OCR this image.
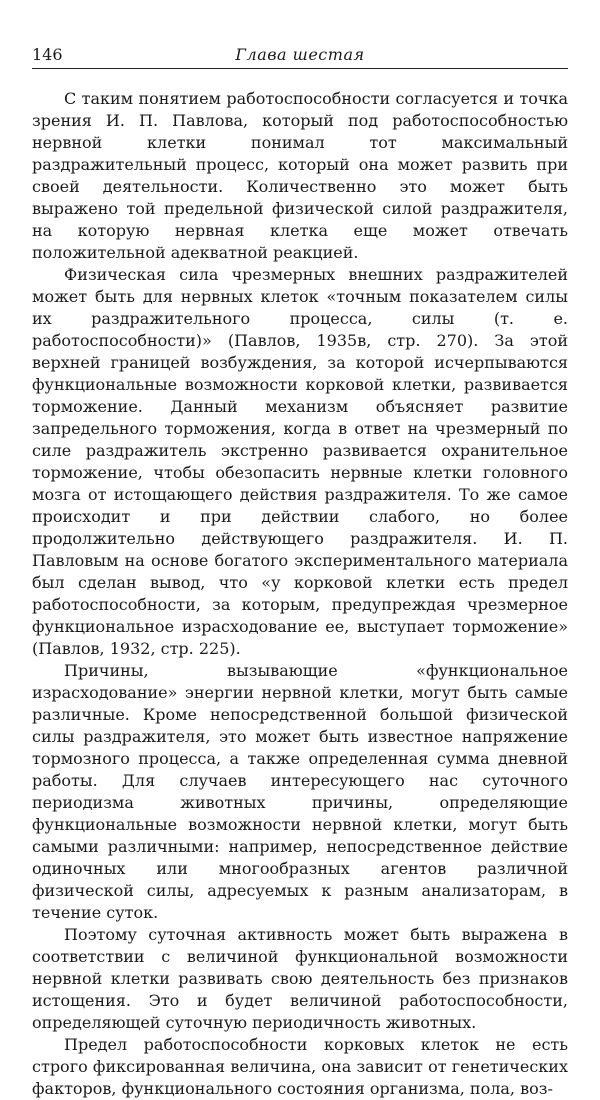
146	Глава шестая

С таким понятием работоспособности согласуется и точка зрения И. П. Павлова, который под работоспособностью нервной клетки понимал тот максимальный раздражительный процесс, который она может развить при своей деятельности. Количественно это может быть выражено той предельной физической силой раздражителя, на которую нервная клетка еще может отвечать положительной адекватной реакцией.

Физическая сила чрезмерных внешних раздражителей может быть для нервных клеток «точным показателем силы их раздражительного процесса, силы (т. е. работоспособности)» (Павлов, 1935в, стр. 270). За этой верхней границей возбуждения, за которой исчерпываются функциональные возможности корковой клетки, развивается торможение. Данный механизм объясняет развитие запредельного торможения, когда в ответ на чрезмерный по силе раздражитель экстренно развивается охранительное торможение, чтобы обезопасить нервные клетки головного мозга от истощающего действия раздражителя. То же самое происходит и при действии слабого, но более продолжительно действующего раздражителя. И. П. Павловым на основе богатого экспериментального материала был сделан вывод, что «у корковой клетки есть предел работоспособности, за которым, предупреждая чрезмерное функциональное израсходование ее, выступает торможение» (Павлов, 1932, стр. 225).

Причины, вызывающие «функциональное израсходование» энергии нервной клетки, могут быть самые различные. Кроме непосредственной большой физической силы раздражителя, это может быть известное напряжение тормозного процесса, а также определенная сумма дневной работы. Для случаев интересующего нас суточного периодизма животных причины, определяющие функциональные возможности нервной клетки, могут быть самыми различными: например, непосредственное действие одиночных или многообразных агентов различной физической силы, адресуемых к разным анализаторам, в течение суток.

Поэтому суточная активность может быть выражена в соответствии с величиной функциональной возможности нервной клетки развивать свою деятельность без признаков истощения. Это и будет величиной работоспособности, определяющей суточную периодичность животных.

Предел работоспособности корковых клеток не есть строго фиксированная величина, она зависит от генетических факторов, функционального состояния организма, пола, воз-
